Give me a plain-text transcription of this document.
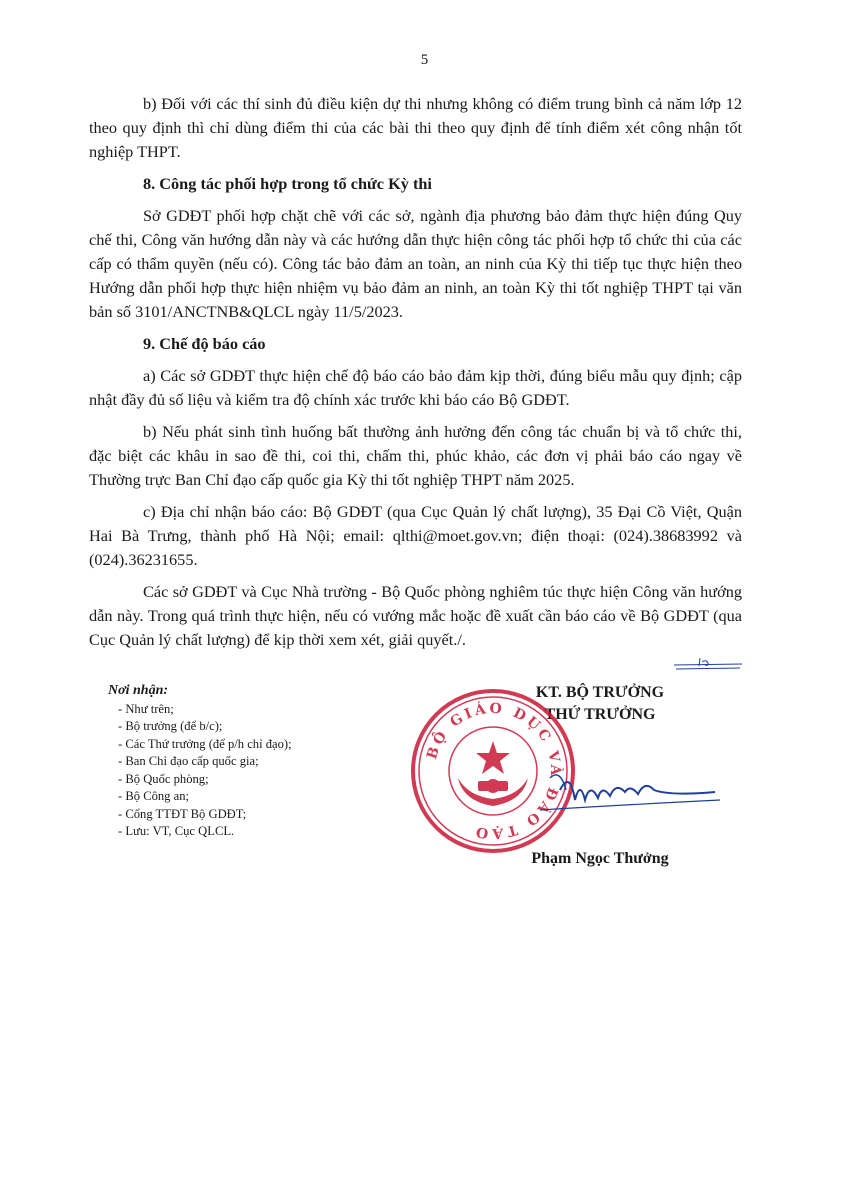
5

b) Đối với các thí sinh đủ điều kiện dự thi nhưng không có điểm trung bình cả năm lớp 12 theo quy định thì chỉ dùng điểm thi của các bài thi theo quy định để tính điểm xét công nhận tốt nghiệp THPT.

8. Công tác phối hợp trong tổ chức Kỳ thi

Sở GDĐT phối hợp chặt chẽ với các sở, ngành địa phương bảo đảm thực hiện đúng Quy chế thi, Công văn hướng dẫn này và các hướng dẫn thực hiện công tác phối hợp tổ chức thi của các cấp có thẩm quyền (nếu có). Công tác bảo đảm an toàn, an ninh của Kỳ thi tiếp tục thực hiện theo Hướng dẫn phối hợp thực hiện nhiệm vụ bảo đảm an ninh, an toàn Kỳ thi tốt nghiệp THPT tại văn bản số 3101/ANCTNB&QLCL ngày 11/5/2023.

9. Chế độ báo cáo

a) Các sở GDĐT thực hiện chế độ báo cáo bảo đảm kịp thời, đúng biểu mẫu quy định; cập nhật đầy đủ số liệu và kiểm tra độ chính xác trước khi báo cáo Bộ GDĐT.

b) Nếu phát sinh tình huống bất thường ảnh hưởng đến công tác chuẩn bị và tổ chức thi, đặc biệt các khâu in sao đề thi, coi thi, chấm thi, phúc khảo, các đơn vị phải báo cáo ngay về Thường trực Ban Chỉ đạo cấp quốc gia Kỳ thi tốt nghiệp THPT năm 2025.

c) Địa chỉ nhận báo cáo: Bộ GDĐT (qua Cục Quản lý chất lượng), 35 Đại Cồ Việt, Quận Hai Bà Trưng, thành phố Hà Nội; email: qlthi@moet.gov.vn; điện thoại: (024).38683992 và (024).36231655.

Các sở GDĐT và Cục Nhà trường - Bộ Quốc phòng nghiêm túc thực hiện Công văn hướng dẫn này. Trong quá trình thực hiện, nếu có vướng mắc hoặc đề xuất cần báo cáo về Bộ GDĐT (qua Cục Quản lý chất lượng) để kịp thời xem xét, giải quyết./.

Nơi nhận:
- Như trên;
- Bộ trưởng (để b/c);
- Các Thứ trưởng (để p/h chỉ đạo);
- Ban Chỉ đạo cấp quốc gia;
- Bộ Quốc phòng;
- Bộ Công an;
- Cổng TTĐT Bộ GDĐT;
- Lưu: VT, Cục QLCL.
KT. BỘ TRƯỞNG
THỨ TRƯỞNG
Phạm Ngọc Thưởng
BỘ GIÁO DỤC VÀ ĐÀO TẠO
